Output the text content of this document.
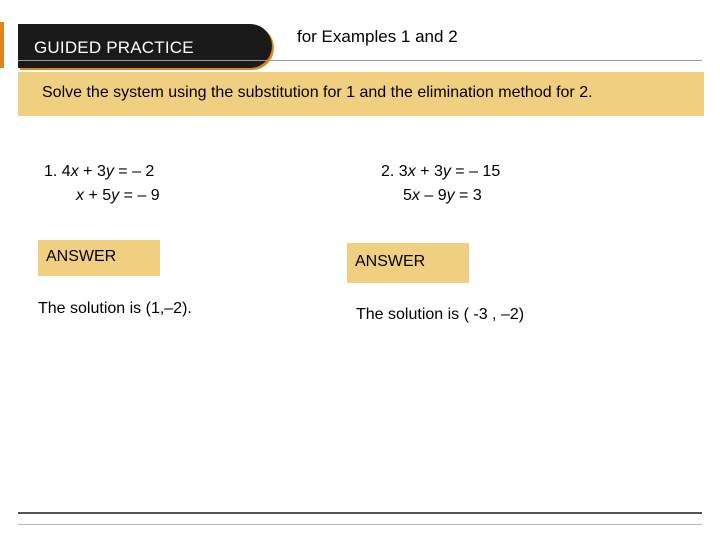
GUIDED PRACTICE
for Examples 1 and 2
Solve the system using the substitution for 1 and the elimination method for 2.
1. 4x + 3y = – 2
x + 5y = – 9
2. 3x + 3y = – 15
5x – 9y = 3
ANSWER	ANSWER
The solution is (1,–2).	The solution is ( -3 , –2)
